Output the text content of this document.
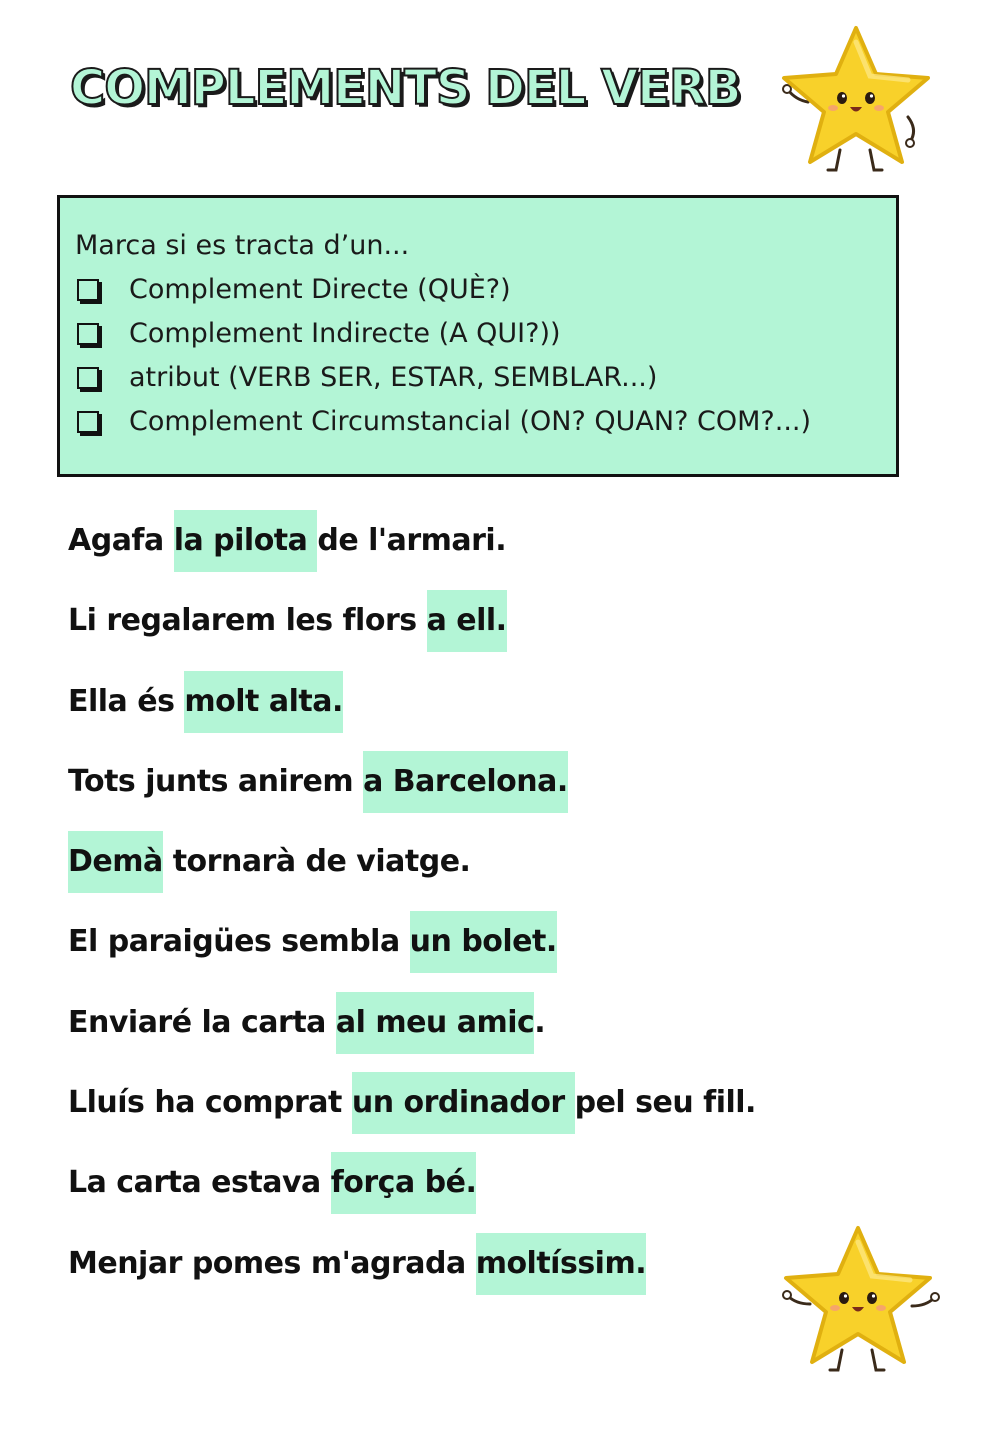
COMPLEMENTS DEL VERB
Marca si es tracta d’un...
Complement Directe (QUÈ?)
Complement Indirecte (A QUI?))
atribut (VERB SER, ESTAR, SEMBLAR...)
Complement Circumstancial (ON? QUAN? COM?...)
Agafa la pilota de l'armari.
Li regalarem les flors a ell.
Ella és molt alta.
Tots junts anirem a Barcelona.
Demà tornarà de viatge.
El paraigües sembla un bolet.
Enviaré la carta al meu amic.
Lluís ha comprat un ordinador pel seu fill.
La carta estava força bé.
Menjar pomes m'agrada moltíssim.
